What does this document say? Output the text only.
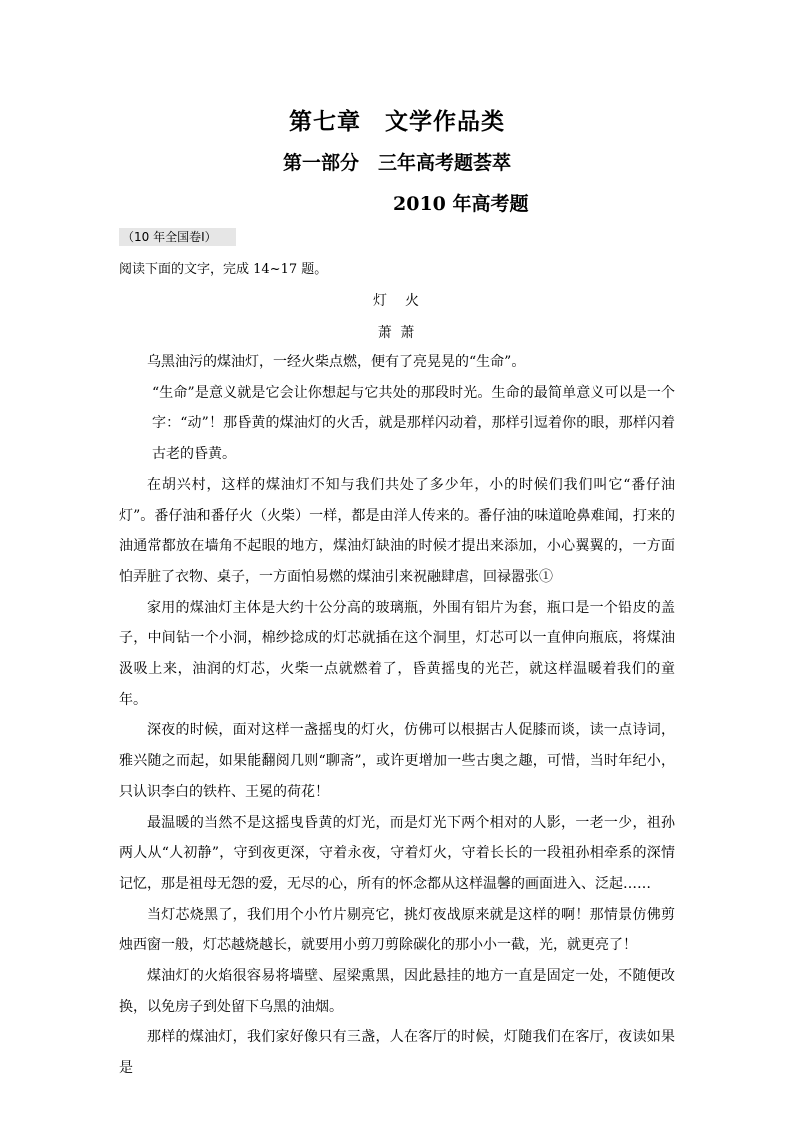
第七章　文学作品类
第一部分　三年高考题荟萃
2010 年高考题
（10 年全国卷Ⅰ）
阅读下面的文字，完成 14~17 题。
灯　火
萧 萧

乌黑油污的煤油灯，一经火柴点燃，便有了亮晃晃的“生命”。

“生命”是意义就是它会让你想起与它共处的那段时光。生命的最简单意义可以是一个字：“动”！那昏黄的煤油灯的火舌，就是那样闪动着，那样引逗着你的眼，那样闪着古老的昏黄。

在胡兴村，这样的煤油灯不知与我们共处了多少年，小的时候们我们叫它“番仔油灯”。番仔油和番仔火（火柴）一样，都是由洋人传来的。番仔油的味道呛鼻难闻，打来的油通常都放在墙角不起眼的地方，煤油灯缺油的时候才提出来添加，小心翼翼的，一方面怕弄脏了衣物、桌子，一方面怕易燃的煤油引来祝融肆虐，回禄嚣张①

家用的煤油灯主体是大约十公分高的玻璃瓶，外围有铝片为套，瓶口是一个铅皮的盖子，中间钻一个小洞，棉纱捻成的灯芯就插在这个洞里，灯芯可以一直伸向瓶底，将煤油汲吸上来，油润的灯芯，火柴一点就燃着了，昏黄摇曳的光芒，就这样温暖着我们的童年。

深夜的时候，面对这样一盏摇曳的灯火，仿佛可以根据古人促膝而谈，读一点诗词，雅兴随之而起，如果能翻阅几则“聊斋”，或许更增加一些古奥之趣，可惜，当时年纪小，只认识李白的铁杵、王冕的荷花！

最温暖的当然不是这摇曳昏黄的灯光，而是灯光下两个相对的人影，一老一少，祖孙两人从“人初静”，守到夜更深，守着永夜，守着灯火，守着长长的一段祖孙相牵系的深情记忆，那是祖母无怨的爱，无尽的心，所有的怀念都从这样温馨的画面进入、泛起……

当灯芯烧黑了，我们用个小竹片剔亮它，挑灯夜战原来就是这样的啊！那情景仿佛剪烛西窗一般，灯芯越烧越长，就要用小剪刀剪除碳化的那小小一截，光，就更亮了！

煤油灯的火焰很容易将墙壁、屋梁熏黑，因此悬挂的地方一直是固定一处，不随便改换，以免房子到处留下乌黑的油烟。

那样的煤油灯，我们家好像只有三盏，人在客厅的时候，灯随我们在客厅，夜读如果是
